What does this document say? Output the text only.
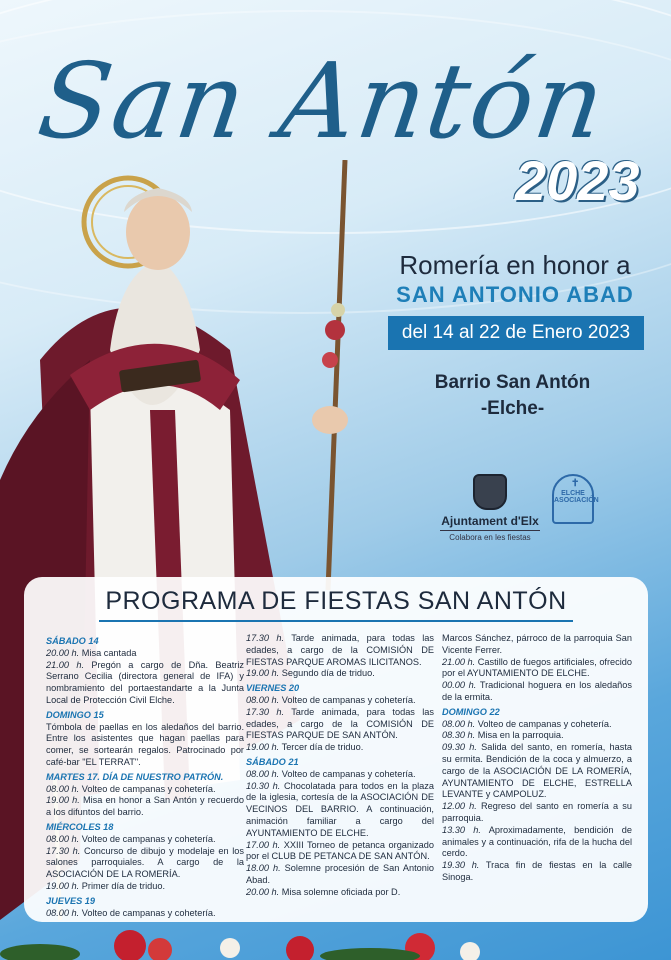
San Antón
2023
Romería en honor a
SAN ANTONIO ABAD
del 14 al 22 de Enero 2023
Barrio San Antón
-Elche-
Ajuntament d'Elx
Colabora en les fiestas
✝
ELCHE
ASOCIACIÓN
PROGRAMA DE FIESTAS SAN ANTÓN
SÁBADO 14
20.00 h. Misa cantada
21.00 h. Pregón a cargo de Dña. Beatriz Serrano Cecilia (directora general de IFA) y nombramiento del portaestandarte a la Junta Local de Protección Civil Elche.
DOMINGO 15
Tómbola de paellas en los aledaños del barrio. Entre los asistentes que hagan paellas para comer, se sortearán regalos. Patrocinado por café-bar "EL TERRAT".
MARTES 17. DÍA DE NUESTRO PATRÓN.
08.00 h. Volteo de campanas y cohetería.
19.00 h. Misa en honor a San Antón y recuerdo a los difuntos del barrio.
MIÉRCOLES 18
08.00 h. Volteo de campanas y cohetería.
17.30 h. Concurso de dibujo y modelaje en los salones parroquiales. A cargo de la ASOCIACIÓN DE LA ROMERÍA.
19.00 h. Primer día de triduo.
JUEVES 19
08.00 h. Volteo de campanas y cohetería.
17.30 h. Tarde animada, para todas las edades, a cargo de la COMISIÓN DE FIESTAS PARQUE AROMAS ILICITANOS.
19.00 h. Segundo día de triduo.
VIERNES 20
08.00 h. Volteo de campanas y cohetería.
17.30 h. Tarde animada, para todas las edades, a cargo de la COMISIÓN DE FIESTAS PARQUE DE SAN ANTÓN.
19.00 h. Tercer día de triduo.
SÁBADO 21
08.00 h. Volteo de campanas y cohetería.
10.30 h. Chocolatada para todos en la plaza de la iglesia, cortesía de la ASOCIACIÓN DE VECINOS DEL BARRIO. A continuación, animación familiar a cargo del AYUNTAMIENTO DE ELCHE.
17.00 h. XXIII Torneo de petanca organizado por el CLUB DE PETANCA DE SAN ANTÓN.
18.00 h. Solemne procesión de San Antonio Abad.
20.00 h. Misa solemne oficiada por D.
Marcos Sánchez, párroco de la parroquia San Vicente Ferrer.
21.00 h. Castillo de fuegos artificiales, ofrecido por el AYUNTAMIENTO DE ELCHE.
00.00 h. Tradicional hoguera en los aledaños de la ermita.
DOMINGO 22
08.00 h. Volteo de campanas y cohetería.
08.30 h. Misa en la parroquia.
09.30 h. Salida del santo, en romería, hasta su ermita. Bendición de la coca y almuerzo, a cargo de la ASOCIACIÓN DE LA ROMERÍA, AYUNTAMIENTO DE ELCHE, ESTRELLA LEVANTE y CAMPOLUZ.
12.00 h. Regreso del santo en romería a su parroquia.
13.30 h. Aproximadamente, bendición de animales y a continuación, rifa de la hucha del cerdo.
19.30 h. Traca fin de fiestas en la calle Sinoga.
